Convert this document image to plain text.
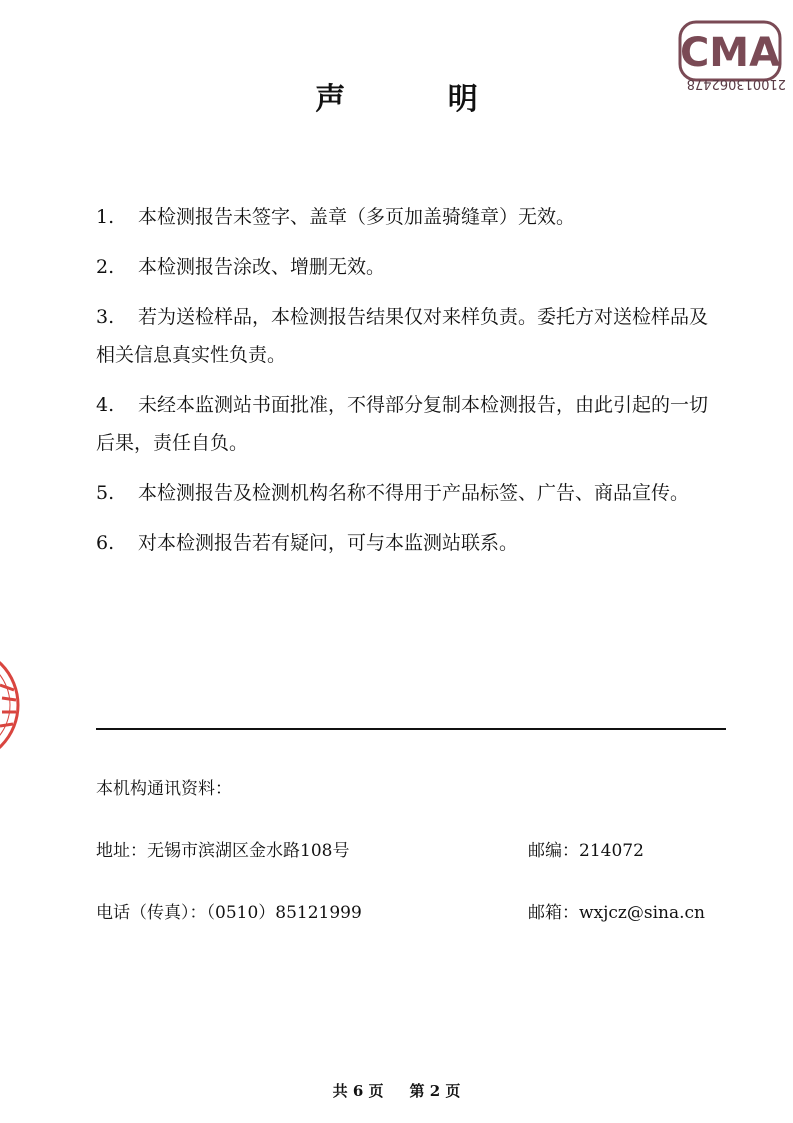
CMA
210013062478
声 明
1. 本检测报告未签字、盖章（多页加盖骑缝章）无效。
2. 本检测报告涂改、增删无效。
3. 若为送检样品，本检测报告结果仅对来样负责。委托方对送检样品及相关信息真实性负责。
4. 未经本监测站书面批准，不得部分复制本检测报告，由此引起的一切后果，责任自负。
5. 本检测报告及检测机构名称不得用于产品标签、广告、商品宣传。
6. 对本检测报告若有疑问，可与本监测站联系。
本机构通讯资料：
地址：无锡市滨湖区金水路108号	邮编：214072
电话（传真）：（0510）85121999	邮箱：wxjcz@sina.cn
共 6 页 第 2 页
